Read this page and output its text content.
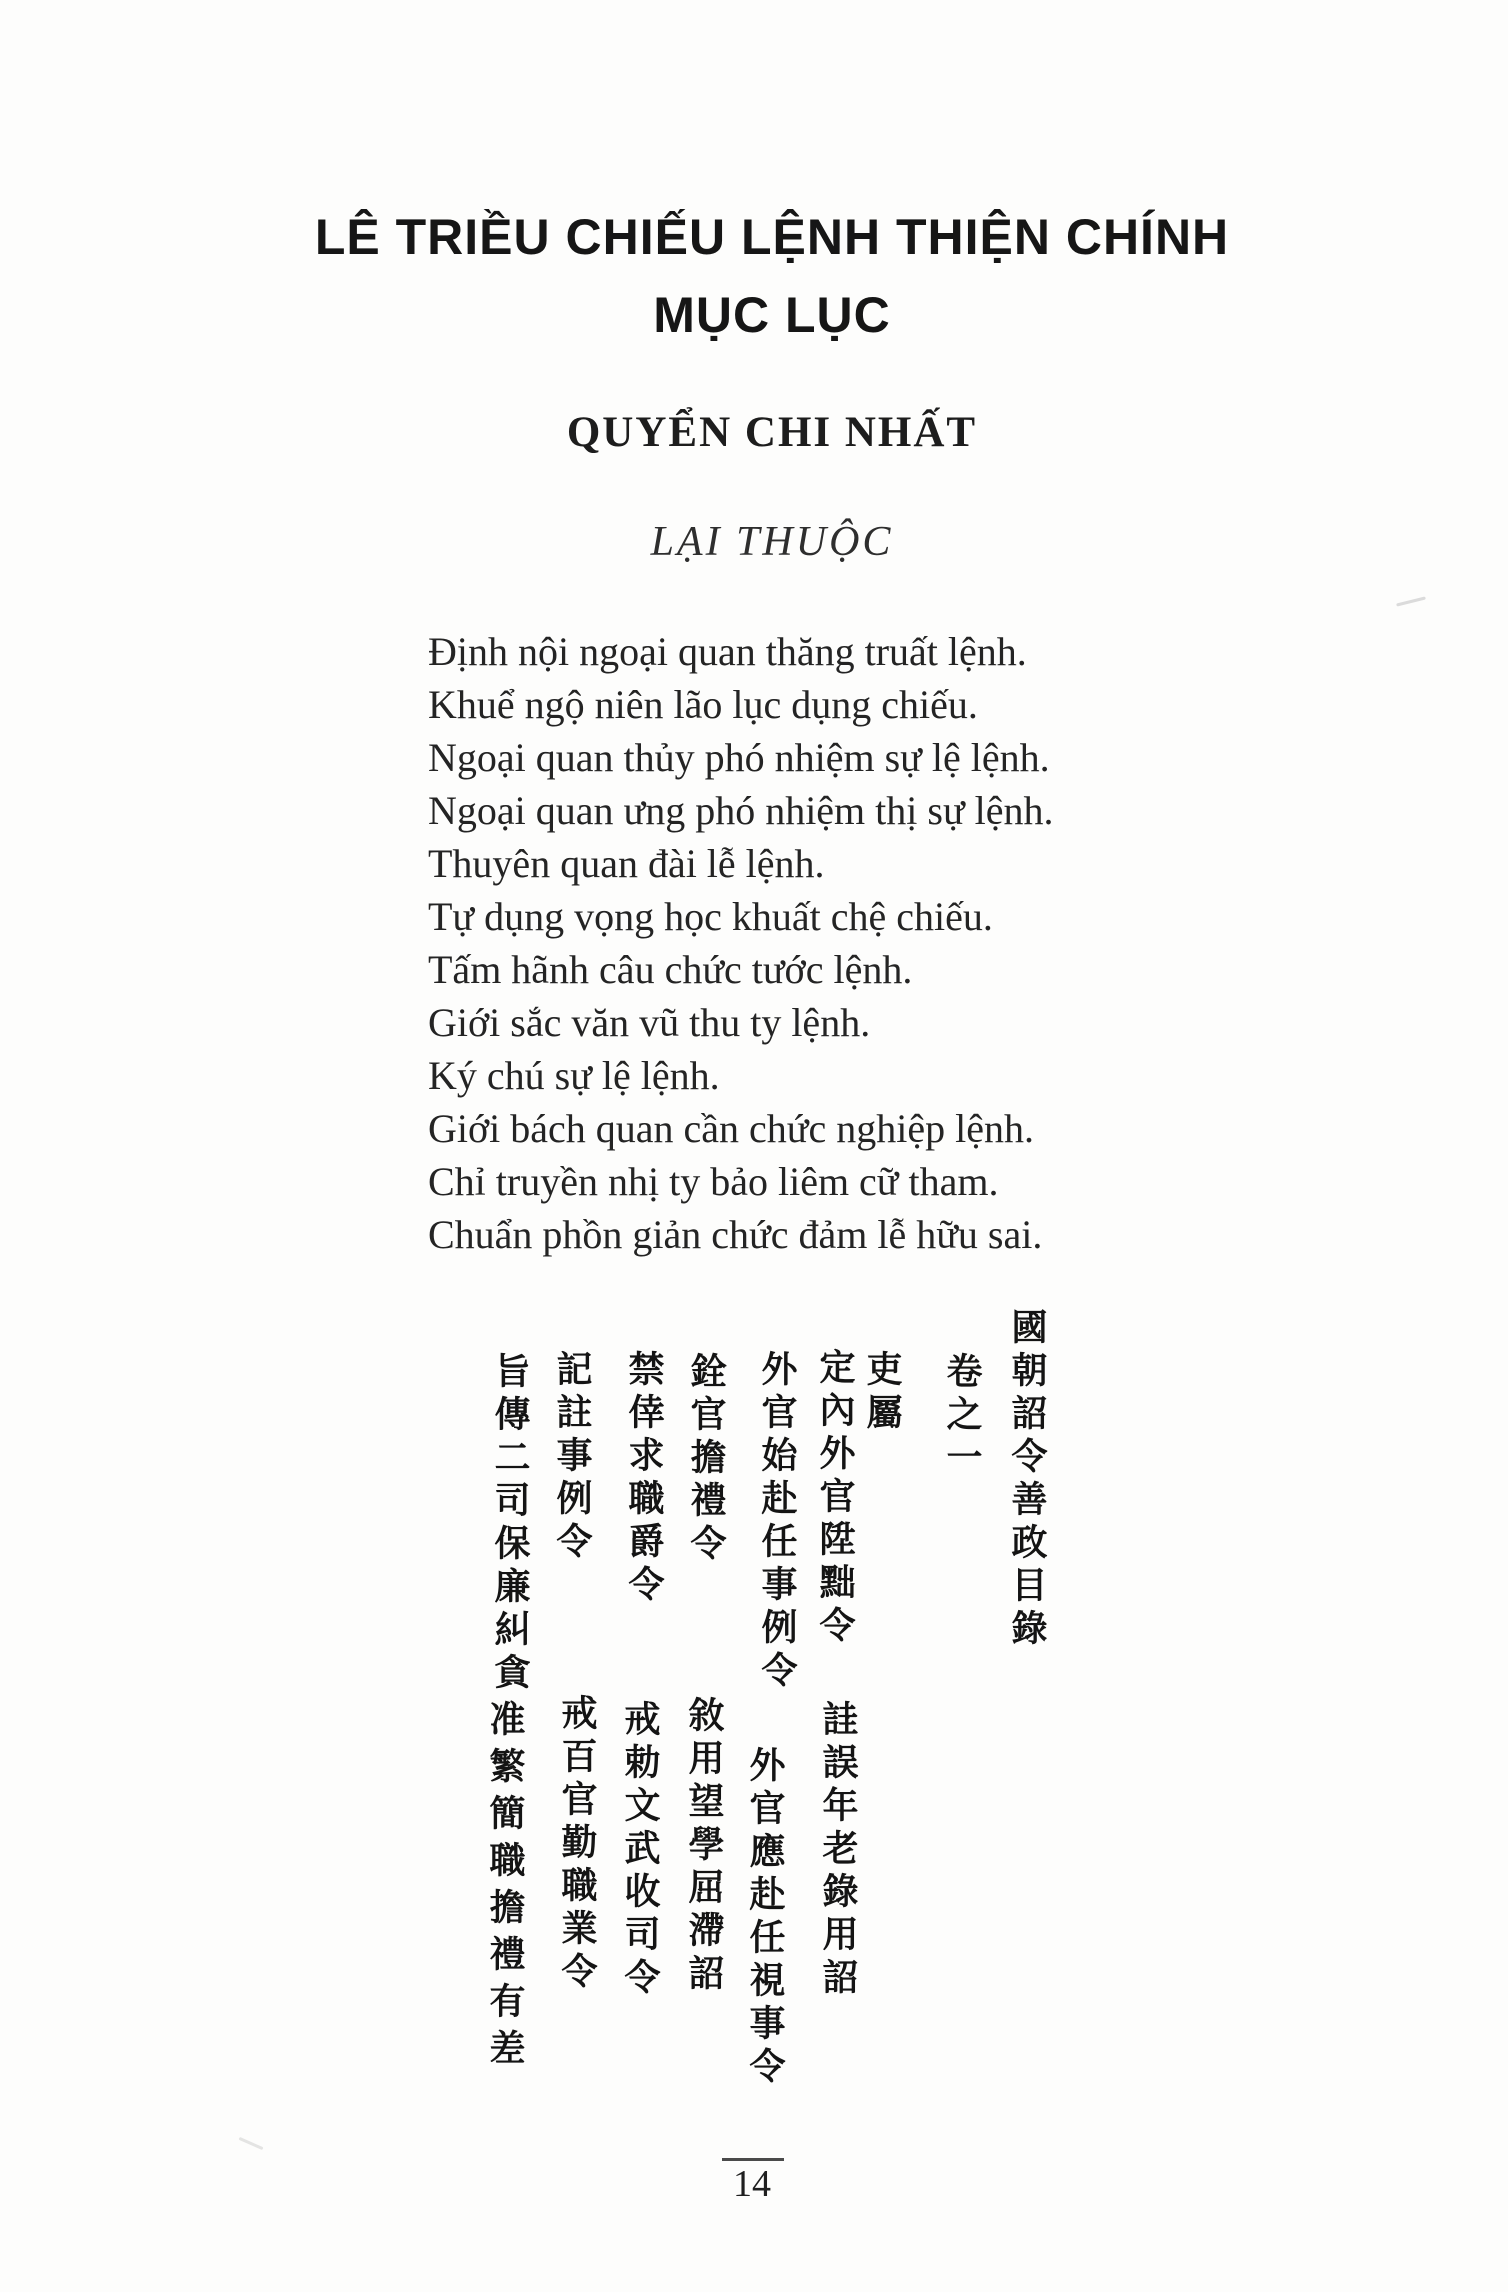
LÊ TRIỀU CHIẾU LỆNH THIỆN CHÍNH
MỤC LỤC
QUYỂN CHI NHẤT
LẠI THUỘC
Định nội ngoại quan thăng truất lệnh.
Khuể ngộ niên lão lục dụng chiếu.
Ngoại quan thủy phó nhiệm sự lệ lệnh.
Ngoại quan ưng phó nhiệm thị sự lệnh.
Thuyên quan đài lễ lệnh.
Tự dụng vọng học khuất chệ chiếu.
Tấm hãnh câu chức tước lệnh.
Giới sắc văn vũ thu ty lệnh.
Ký chú sự lệ lệnh.
Giới bách quan cần chức nghiệp lệnh.
Chỉ truyền nhị ty bảo liêm cữ tham.
Chuẩn phồn giản chức đảm lễ hữu sai.
國朝詔令善政目錄
卷之一
吏屬
定內外官陞黜令
詿誤年老錄用詔
外官始赴任事例令
外官應赴任視事令
銓官擔禮令
敘用望學屈滯詔
禁倖求職爵令
戒勅文武收司令
記註事例令
戒百官勤職業令
旨傳二司保廉糾貪
准繁簡職擔禮有差
14
